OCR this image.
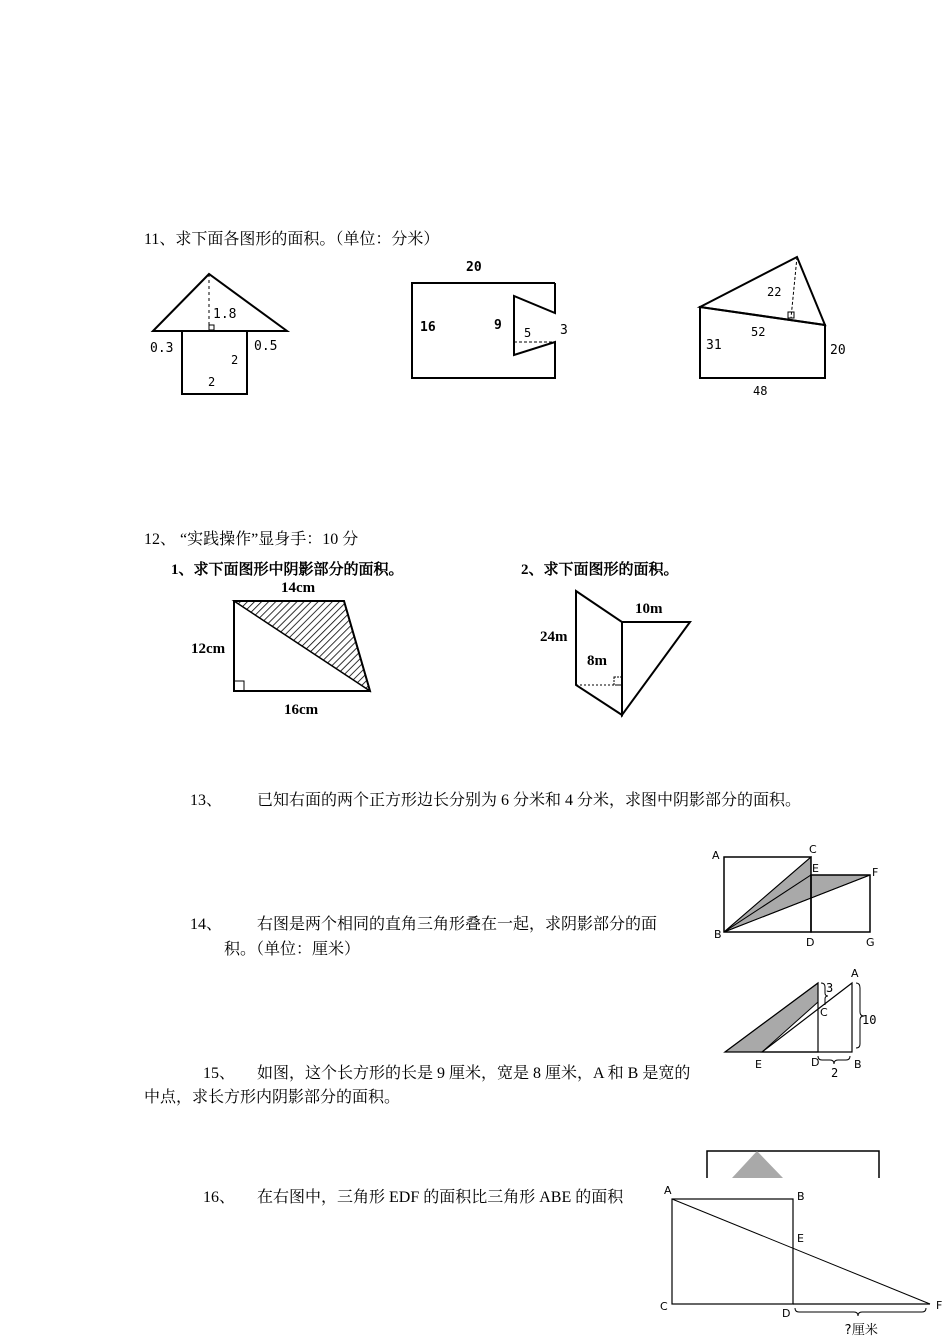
11、求下面各图形的面积。（单位：分米）
1.8
0.3	0.5
2
2
20
16	9 5 3
22
52
31	20
48
12、 “实践操作”显身手：10 分
1、求下面图形中阴影部分的面积。	2、求下面图形的面积。
14cm
12cm
16cm
24m
10m
8m
13、 已知右面的两个正方形边长分别为 6 分米和 4 分米，求图中阴影部分的面积。
A
B
C
D
E	F
G
14、 右图是两个相同的直角三角形叠在一起，求阴影部分的面
积。（单位：厘米）
A
B
C
D
E
3
10
2
15、 如图，这个长方形的长是 9 厘米，宽是 8 厘米，A 和 B 是宽的
中点，求长方形内阴影部分的面积。
16、 在右图中，三角形 EDF 的面积比三角形 ABE 的面积	A	B
C
D
E
F
?厘米
